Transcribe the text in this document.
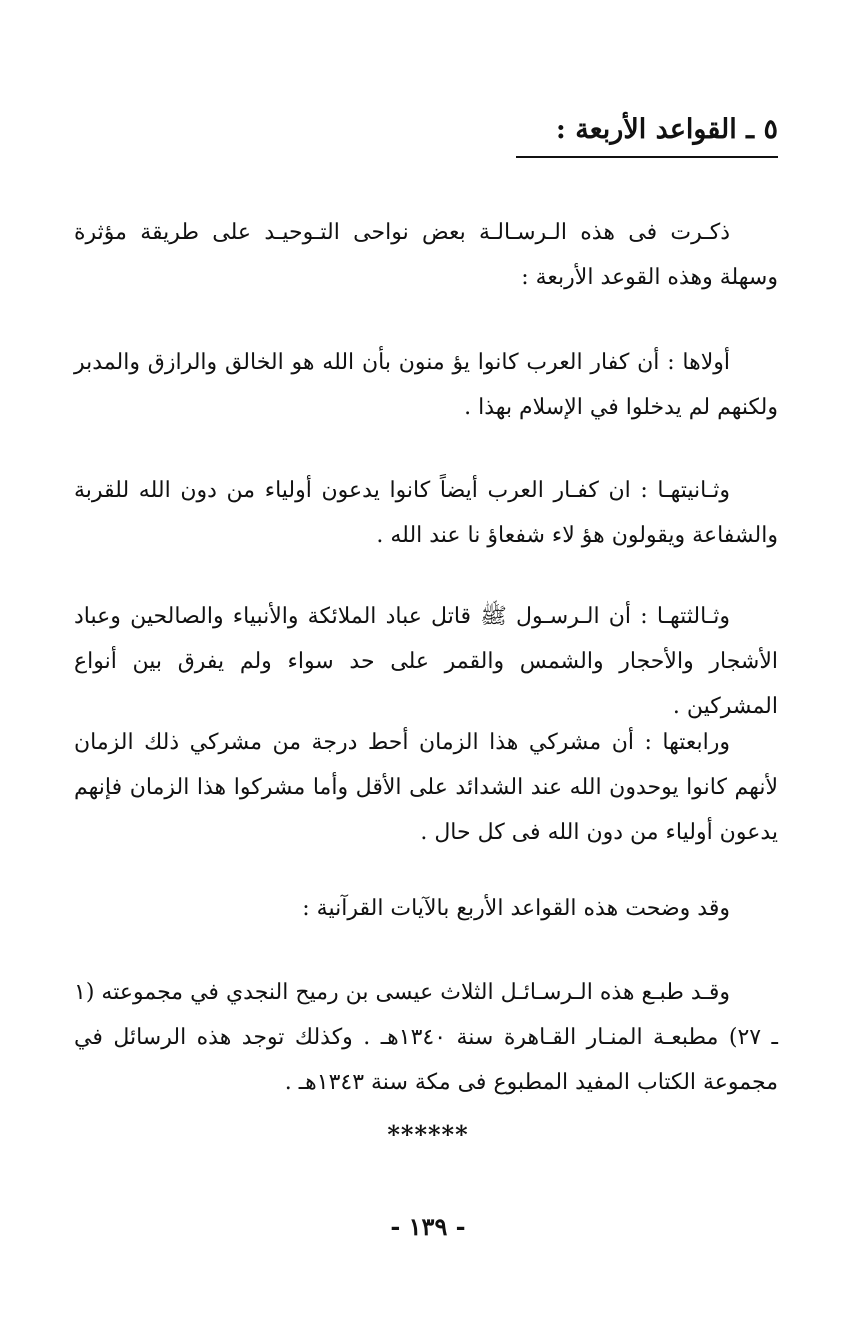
٥ ـ القواعد الأربعة :

ذكـرت فى هذه الـرسـالـة بعض نواحى التـوحيـد على طريقة مؤثرة وسهلة وهذه القوعد الأربعة :

أولاها : أن كفار العرب كانوا يؤ منون بأن الله هو الخالق والرازق والمدبر ولكنهم لم يدخلوا في الإسلام بهذا .

وثـانيتهـا : ان كفـار العرب أيضاً كانوا يدعون أولياء من دون الله للقربة والشفاعة ويقولون هؤ لاء شفعاؤ نا عند الله .

وثـالثتهـا : أن الـرسـول ﷺ قاتل عباد الملائكة والأنبياء والصالحين وعباد الأشجار والأحجار والشمس والقمر على حد سواء ولم يفرق بين أنواع المشركين .

ورابعتها : أن مشركي هذا الزمان أحط درجة من مشركي ذلك الزمان لأنهم كانوا يوحدون الله عند الشدائد على الأقل وأما مشركوا هذا الزمان فإنهم يدعون أولياء من دون الله فى كل حال .

وقد وضحت هذه القواعد الأربع بالآيات القرآنية :

وقـد طبـع هذه الـرسـائـل الثلاث عيسى بن رميح النجدي في مجموعته (١ ـ ٢٧) مطبعـة المنـار القـاهرة سنة ١٣٤٠هـ . وكذلك توجد هذه الرسائل في مجموعة الكتاب المفيد المطبوع فى مكة سنة ١٣٤٣هـ .

******
- ١٣٩ -
